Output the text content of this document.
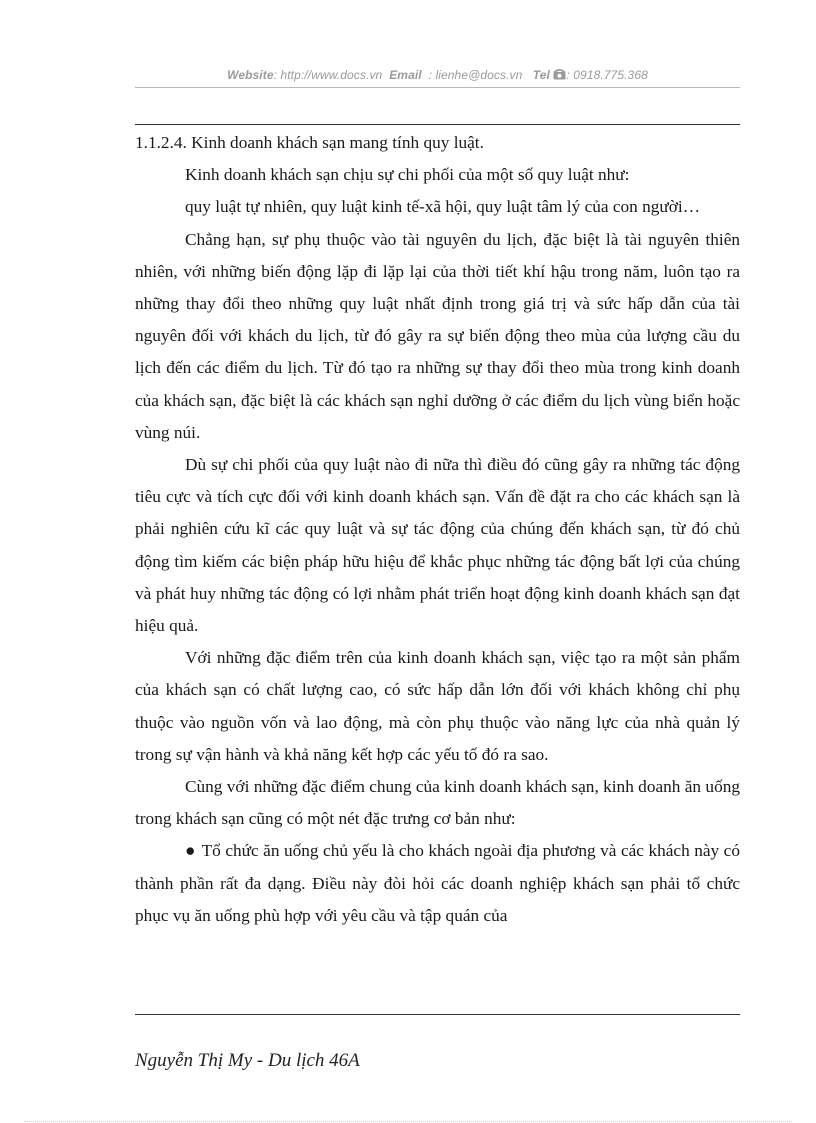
Website: http://www.docs.vn Email : lienhe@docs.vn Tel : 0918.775.368

1.1.2.4. Kinh doanh khách sạn mang tính quy luật.

Kinh doanh khách sạn chịu sự chi phối của một số quy luật như:

quy luật tự nhiên, quy luật kinh tế-xã hội, quy luật tâm lý của con người…

Chẳng hạn, sự phụ thuộc vào tài nguyên du lịch, đặc biệt là tài nguyên thiên nhiên, với những biến động lặp đi lặp lại của thời tiết khí hậu trong năm, luôn tạo ra những thay đổi theo những quy luật nhất định trong giá trị và sức hấp dẫn của tài nguyên đối với khách du lịch, từ đó gây ra sự biến động theo mùa của lượng cầu du lịch đến các điểm du lịch. Từ đó tạo ra những sự thay đổi theo mùa trong kinh doanh của khách sạn, đặc biệt là các khách sạn nghỉ dưỡng ở các điểm du lịch vùng biển hoặc vùng núi.

Dù sự chi phối của quy luật nào đi nữa thì điều đó cũng gây ra những tác động tiêu cực và tích cực đối với kinh doanh khách sạn. Vấn đề đặt ra cho các khách sạn là phải nghiên cứu kĩ các quy luật và sự tác động của chúng đến khách sạn, từ đó chủ động tìm kiếm các biện pháp hữu hiệu để khắc phục những tác động bất lợi của chúng và phát huy những tác động có lợi nhằm phát triển hoạt động kinh doanh khách sạn đạt hiệu quả.

Với những đặc điểm trên của kinh doanh khách sạn, việc tạo ra một sản phẩm của khách sạn có chất lượng cao, có sức hấp dẫn lớn đối với khách không chỉ phụ thuộc vào nguồn vốn và lao động, mà còn phụ thuộc vào năng lực của nhà quản lý trong sự vận hành và khả năng kết hợp các yếu tố đó ra sao.

Cùng với những đặc điểm chung của kinh doanh khách sạn, kinh doanh ăn uống trong khách sạn cũng có một nét đặc trưng cơ bản như:

● Tổ chức ăn uống chủ yếu là cho khách ngoài địa phương và các khách này có thành phần rất đa dạng. Điều này đòi hỏi các doanh nghiệp khách sạn phải tổ chức phục vụ ăn uống phù hợp với yêu cầu và tập quán của

Nguyễn Thị My - Du lịch 46A
